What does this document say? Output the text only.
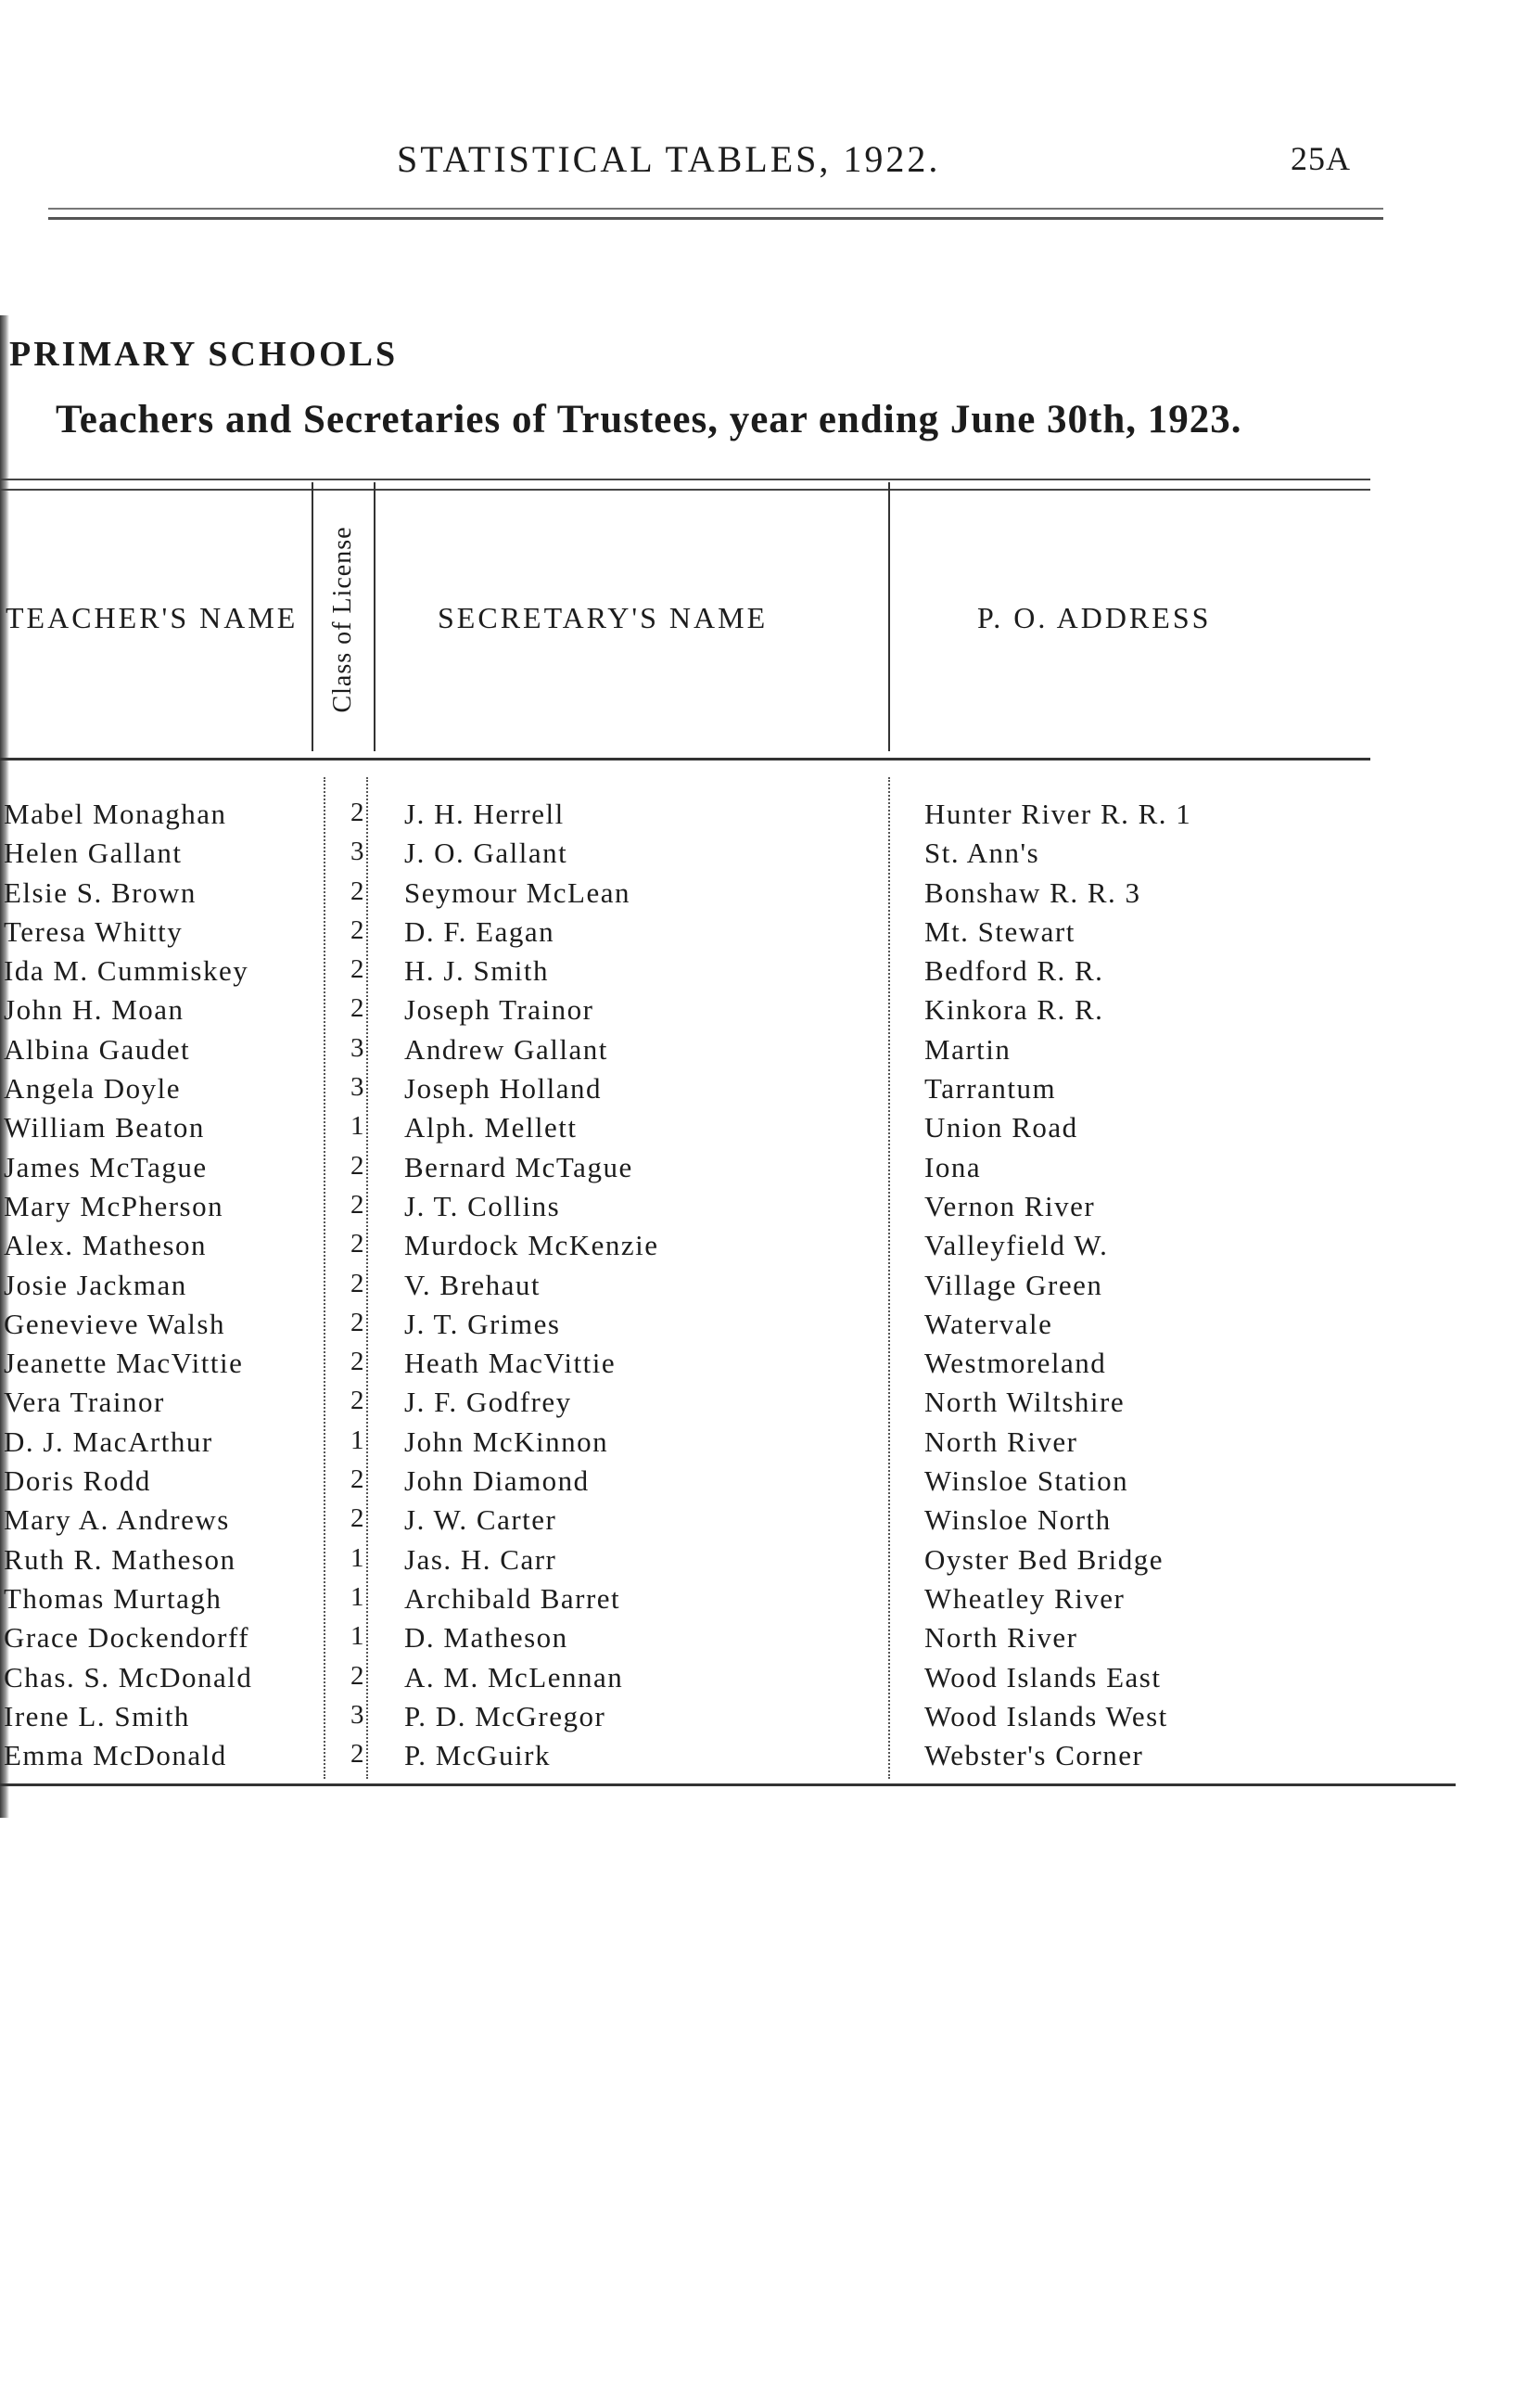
STATISTICAL TABLES, 1922.	25A
PRIMARY SCHOOLS
Teachers and Secretaries of Trustees, year ending June 30th, 1923.
TEACHER'S NAME Class of License	SECRETARY'S NAME	P. O. ADDRESS
Mabel Monaghan	2 J. H. Herrell	Hunter River R. R. 1
Helen Gallant	3 J. O. Gallant	St. Ann's
Elsie S. Brown	2 Seymour McLean	Bonshaw R. R. 3
Teresa Whitty	2 D. F. Eagan	Mt. Stewart
Ida M. Cummiskey	2 H. J. Smith	Bedford R. R.
John H. Moan	2 Joseph Trainor	Kinkora R. R.
Albina Gaudet	3 Andrew Gallant	Martin
Angela Doyle	3 Joseph Holland	Tarrantum
William Beaton	1 Alph. Mellett	Union Road
James McTague	2 Bernard McTague	Iona
Mary McPherson	2 J. T. Collins	Vernon River
Alex. Matheson	2 Murdock McKenzie	Valleyfield W.
Josie Jackman	2 V. Brehaut	Village Green
Genevieve Walsh	2 J. T. Grimes	Watervale
Jeanette MacVittie	2 Heath MacVittie	Westmoreland
Vera Trainor	2 J. F. Godfrey	North Wiltshire
D. J. MacArthur	1 John McKinnon	North River
Doris Rodd	2 John Diamond	Winsloe Station
Mary A. Andrews	2 J. W. Carter	Winsloe North
Ruth R. Matheson	1 Jas. H. Carr	Oyster Bed Bridge
Thomas Murtagh	1 Archibald Barret	Wheatley River
Grace Dockendorff	1 D. Matheson	North River
Chas. S. McDonald	2 A. M. McLennan	Wood Islands East
Irene L. Smith	3 P. D. McGregor	Wood Islands West
Emma McDonald	2 P. McGuirk	Webster's Corner
